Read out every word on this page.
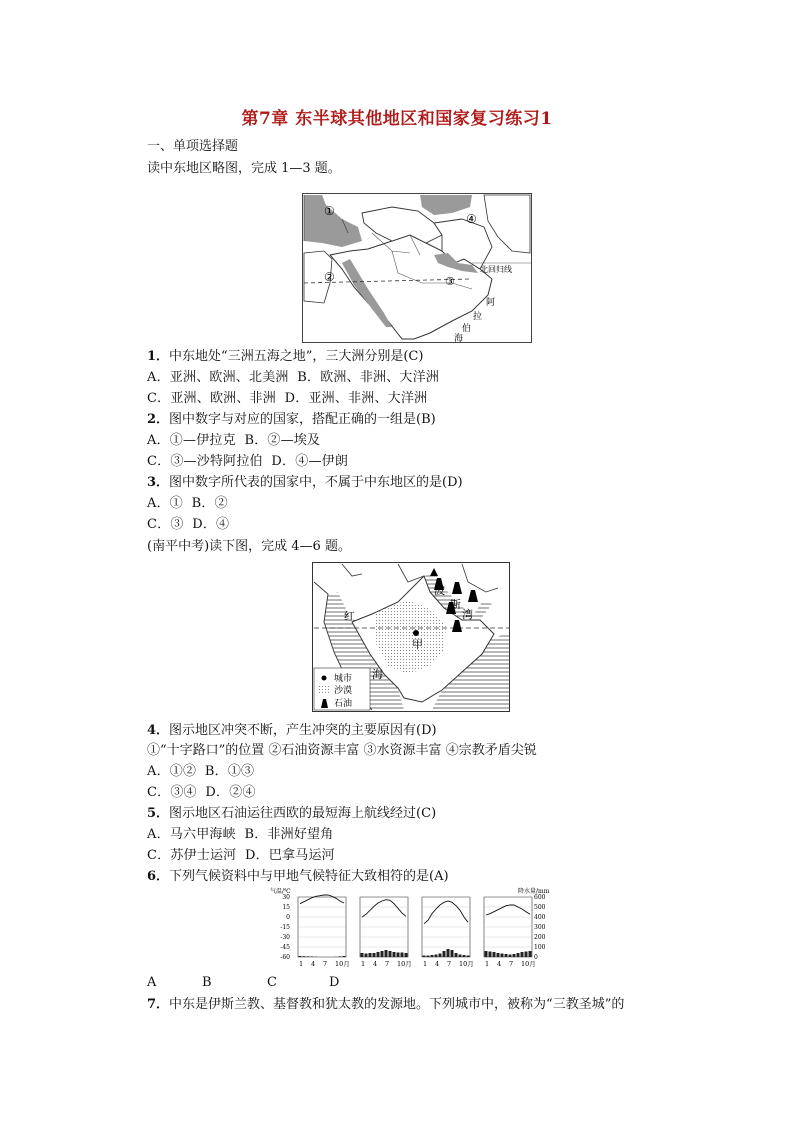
第7章 东半球其他地区和国家复习练习1
一、单项选择题
读中东地区略图，完成 1—3 题。
北回归线
①
②	③
④
阿
拉
伯
海
1．中东地处“三洲五海之地”，三大洲分别是(C)
A．亚洲、欧洲、北美洲 B．欧洲、非洲、大洋洲
C．亚洲、欧洲、非洲 D．亚洲、非洲、大洋洲
2．图中数字与对应的国家，搭配正确的一组是(B)
A．①—伊拉克 B．②—埃及
C．③—沙特阿拉伯 D．④—伊朗
3．图中数字所代表的国家中，不属于中东地区的是(D)
A．① B．②
C．③ D．④
(南平中考)读下图，完成 4—6 题。
波
斯
湾
红
海
甲
城市
沙漠
石油
4．图示地区冲突不断，产生冲突的主要原因有(D)
①“十字路口”的位置 ②石油资源丰富 ③水资源丰富 ④宗教矛盾尖锐
A．①② B．①③
C．③④ D．②④
5．图示地区石油运往西欧的最短海上航线经过(C)
A．马六甲海峡 B．非洲好望角
C．苏伊士运河 D．巴拿马运河
6．下列气候资料中与甲地气候特征大致相符的是(A)
气温/℃	降水量/mm
30
15
0
-15
-30
-45
-60
600
500
400
300
200
100
0
1 4 7 10月 1 4 7 10月 1 4 7 10月 1 4 7 10月
A	B	C	D
7．中东是伊斯兰教、基督教和犹太教的发源地。下列城市中，被称为“三教圣城”的
